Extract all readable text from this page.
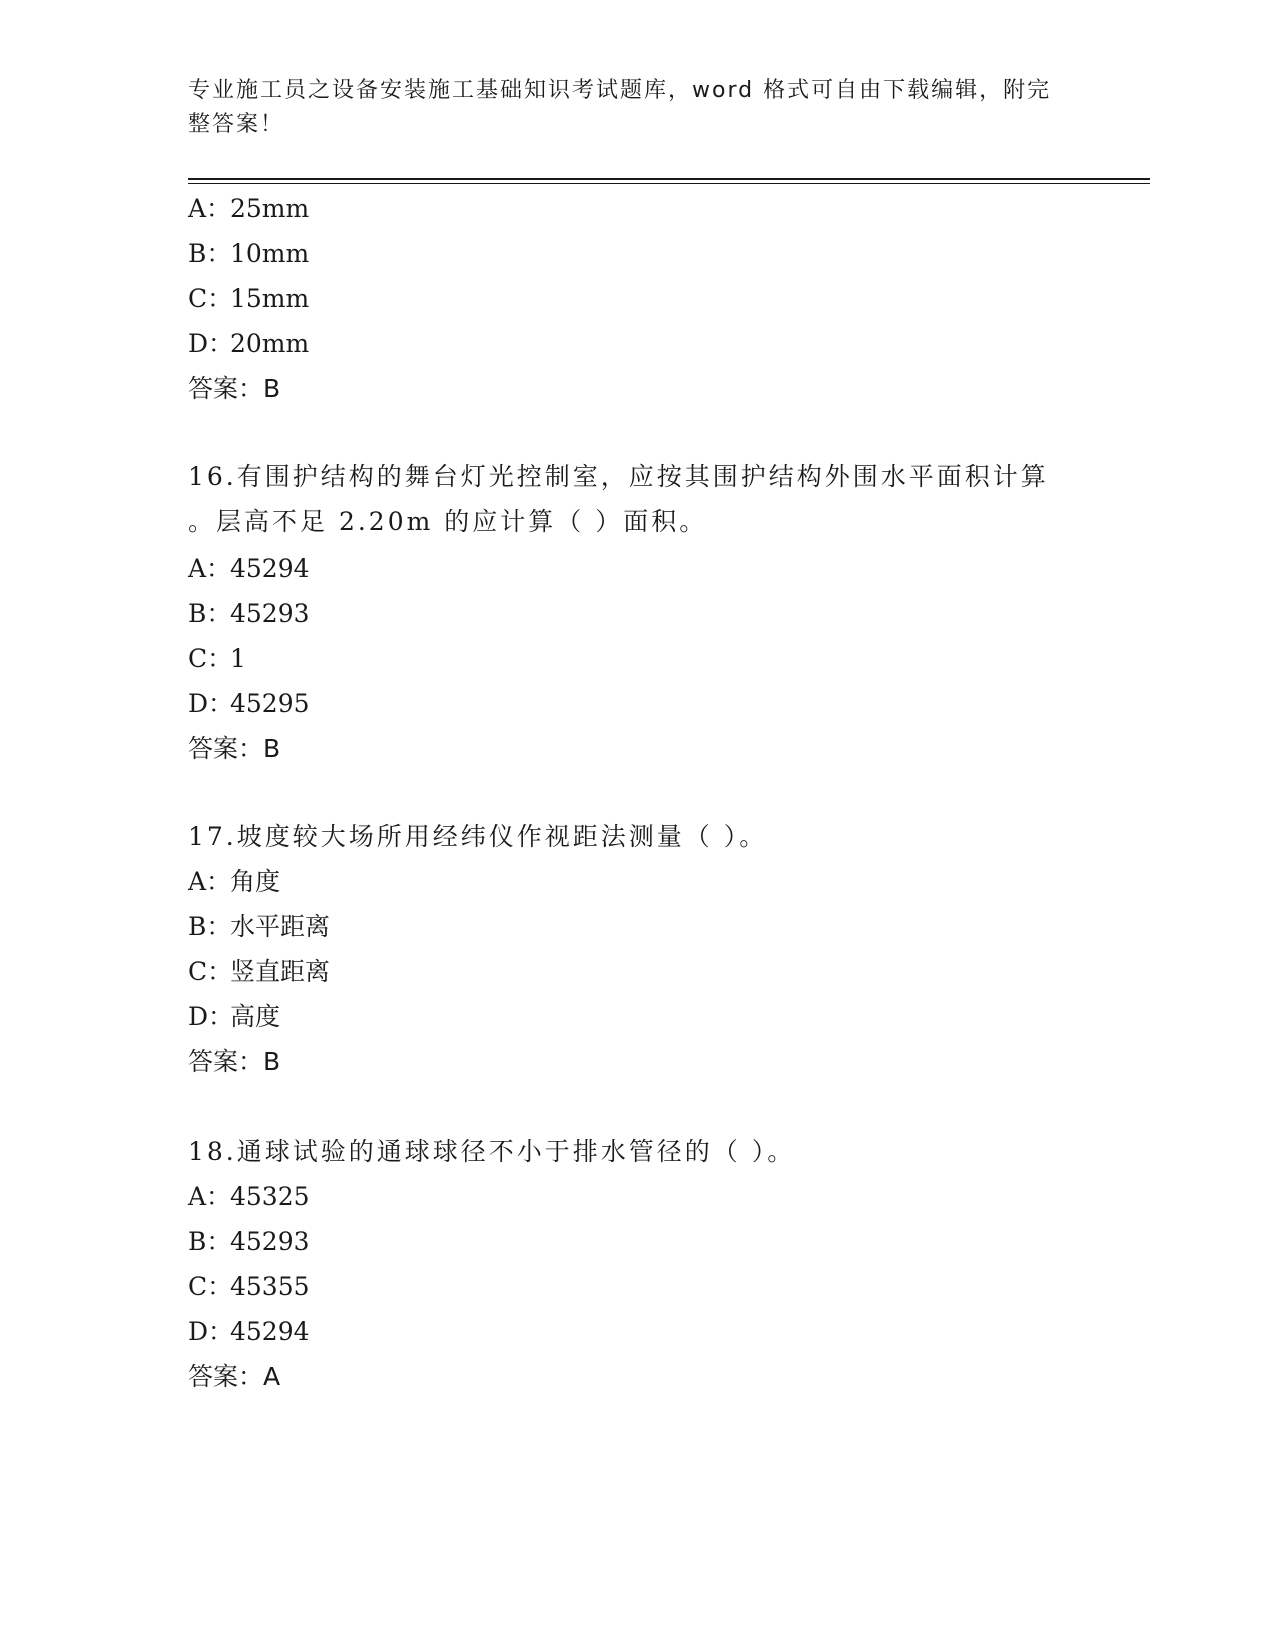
专业施工员之设备安装施工基础知识考试题库，word 格式可自由下载编辑，附完
整答案！
A：25mm
B：10mm
C：15mm
D：20mm
答案：B
16.有围护结构的舞台灯光控制室，应按其围护结构外围水平面积计算
。层高不足 2.20m 的应计算（ ）面积。
A：45294
B：45293
C：1
D：45295
答案：B
17.坡度较大场所用经纬仪作视距法测量（ ）。
A：角度
B：水平距离
C：竖直距离
D：高度
答案：B
18.通球试验的通球球径不小于排水管径的（ ）。
A：45325
B：45293
C：45355
D：45294
答案：A
